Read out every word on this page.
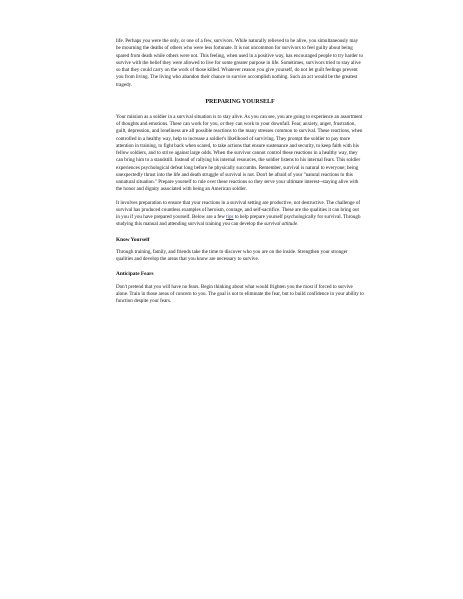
life. Perhaps you were the only, or one of a few, survivors. While naturally relieved to be alive, you simultaneously may be mourning the deaths of others who were less fortunate. It is not uncommon for survivors to feel guilty about being spared from death while others were not. This feeling, when used in a positive way, has encouraged people to try harder to survive with the belief they were allowed to live for some greater purpose in life. Sometimes, survivors tried to stay alive so that they could carry on the work of those killed. Whatever reason you give yourself, do not let guilt feelings prevent you from living. The living who abandon their chance to survive accomplish nothing. Such an act would be the greatest tragedy.

PREPARING YOURSELF

Your mission as a soldier in a survival situation is to stay alive. As you can see, you are going to experience an assortment of thoughts and emotions. These can work for you, or they can work to your downfall. Fear, anxiety, anger, frustration, guilt, depression, and loneliness are all possible reactions to the many stresses common to survival. These reactions, when controlled in a healthy way, help to increase a soldier's likelihood of surviving. They prompt the soldier to pay more attention in training, to fight back when scared, to take actions that ensure sustenance and security, to keep faith with his fellow soldiers, and to strive against large odds. When the survivor cannot control these reactions in a healthy way, they can bring him to a standstill. Instead of rallying his internal resources, the soldier listens to his internal fears. This soldier experiences psychological defeat long before he physically succumbs. Remember, survival is natural to everyone; being unexpectedly thrust into the life and death struggle of survival is not. Don't be afraid of your "natural reactions to this unnatural situation." Prepare yourself to rule over these reactions so they serve your ultimate interest--staying alive with the honor and dignity associated with being an American soldier.

It involves preparation to ensure that your reactions in a survival setting are productive, not destructive. The challenge of survival has produced countless examples of heroism, courage, and self-sacrifice. These are the qualities it can bring out in you if you have prepared yourself. Below are a few tips to help prepare yourself psychologically for survival. Through studying this manual and attending survival training you can develop the survival attitude.

Know Yourself

Through training, family, and friends take the time to discover who you are on the inside. Strengthen your stronger qualities and develop the areas that you know are necessary to survive.

Anticipate Fears

Don't pretend that you will have no fears. Begin thinking about what would frighten you the most if forced to survive alone. Train in those areas of concern to you. The goal is not to eliminate the fear, but to build confidence in your ability to function despite your fears.
